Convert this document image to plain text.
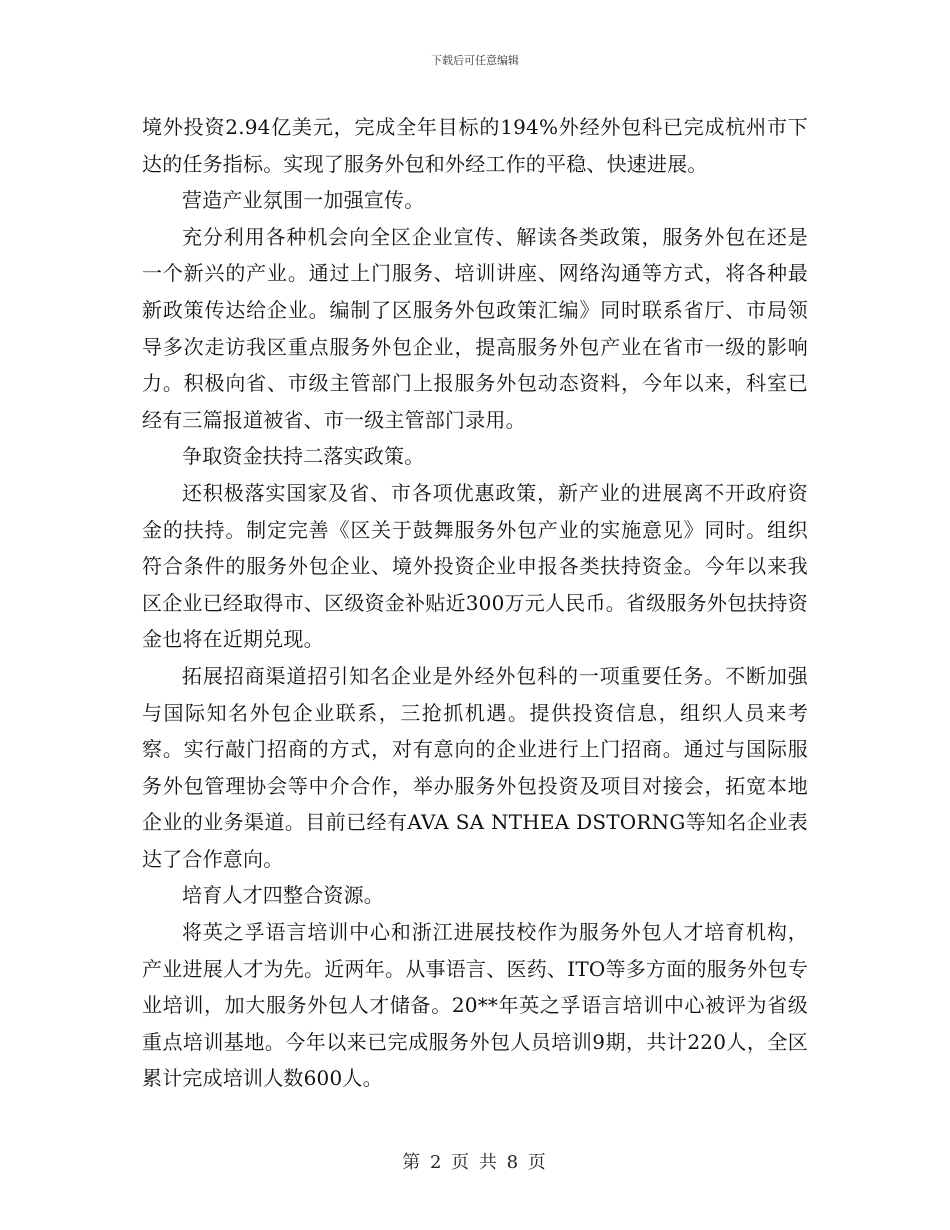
下载后可任意编辑

境外投资2.94亿美元，完成全年目标的194%外经外包科已完成杭州市下达的任务指标。实现了服务外包和外经工作的平稳、快速进展。

营造产业氛围一加强宣传。

充分利用各种机会向全区企业宣传、解读各类政策，服务外包在还是一个新兴的产业。通过上门服务、培训讲座、网络沟通等方式，将各种最新政策传达给企业。编制了区服务外包政策汇编》同时联系省厅、市局领导多次走访我区重点服务外包企业，提高服务外包产业在省市一级的影响力。积极向省、市级主管部门上报服务外包动态资料，今年以来，科室已经有三篇报道被省、市一级主管部门录用。

争取资金扶持二落实政策。

还积极落实国家及省、市各项优惠政策，新产业的进展离不开政府资金的扶持。制定完善《区关于鼓舞服务外包产业的实施意见》同时。组织符合条件的服务外包企业、境外投资企业申报各类扶持资金。今年以来我区企业已经取得市、区级资金补贴近300万元人民币。省级服务外包扶持资金也将在近期兑现。

拓展招商渠道招引知名企业是外经外包科的一项重要任务。不断加强与国际知名外包企业联系，三抢抓机遇。提供投资信息，组织人员来考察。实行敲门招商的方式，对有意向的企业进行上门招商。通过与国际服务外包管理协会等中介合作，举办服务外包投资及项目对接会，拓宽本地企业的业务渠道。目前已经有AVA SA NTHEA DSTORNG等知名企业表达了合作意向。

培育人才四整合资源。

将英之孚语言培训中心和浙江进展技校作为服务外包人才培育机构，产业进展人才为先。近两年。从事语言、医药、ITO等多方面的服务外包专业培训，加大服务外包人才储备。20**年英之孚语言培训中心被评为省级重点培训基地。今年以来已完成服务外包人员培训9期，共计220人，全区累计完成培训人数600人。

第 2 页 共 8 页
